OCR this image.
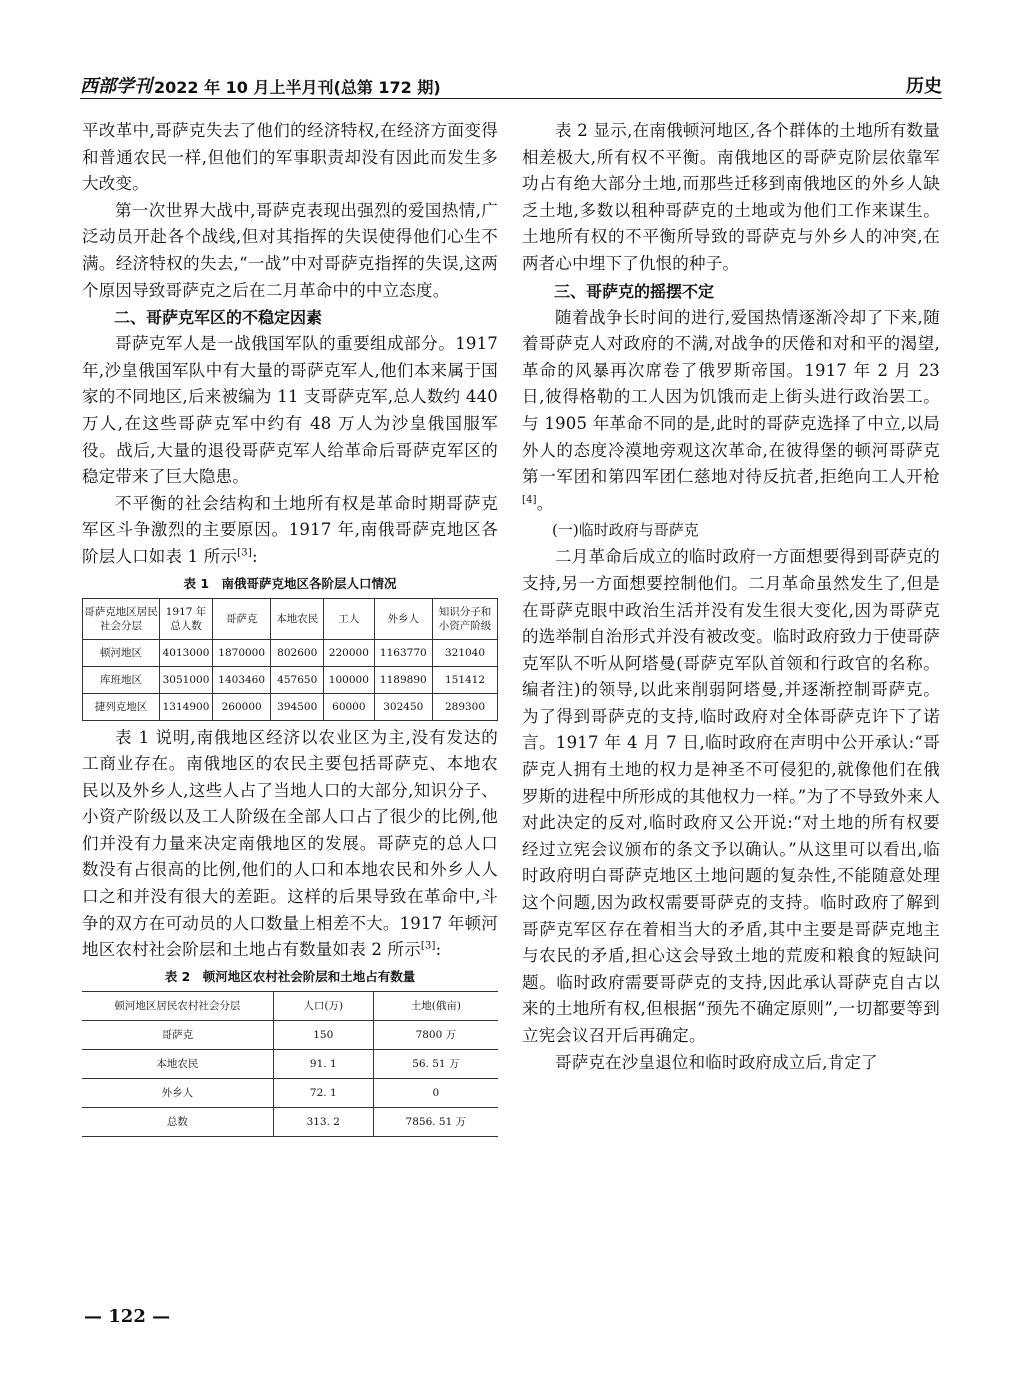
西部学刊 2022 年 10 月上半月刊(总第 172 期)	历史

平改革中,哥萨克失去了他们的经济特权,在经济方面变得和普通农民一样,但他们的军事职责却没有因此而发生多大改变。

第一次世界大战中,哥萨克表现出强烈的爱国热情,广泛动员开赴各个战线,但对其指挥的失误使得他们心生不满。经济特权的失去,“一战”中对哥萨克指挥的失误,这两个原因导致哥萨克之后在二月革命中的中立态度。

二、哥萨克军区的不稳定因素

哥萨克军人是一战俄国军队的重要组成部分。1917 年,沙皇俄国军队中有大量的哥萨克军人,他们本来属于国家的不同地区,后来被编为 11 支哥萨克军,总人数约 440 万人,在这些哥萨克军中约有 48 万人为沙皇俄国服军役。战后,大量的退役哥萨克军人给革命后哥萨克军区的稳定带来了巨大隐患。

不平衡的社会结构和土地所有权是革命时期哥萨克军区斗争激烈的主要原因。1917 年,南俄哥萨克地区各阶层人口如表 1 所示[3]:

表 1　南俄哥萨克地区各阶层人口情况
哥萨克地区居民社会分层	1917 年总人数	哥萨克	本地农民	工人	外乡人	知识分子和小资产阶级
顿河地区	4013000	1870000	802600	220000	1163770	321040
库班地区	3051000	1403460	457650	100000	1189890	151412
捷列克地区	1314900	260000	394500	60000	302450	289300

表 1 说明,南俄地区经济以农业区为主,没有发达的工商业存在。南俄地区的农民主要包括哥萨克、本地农民以及外乡人,这些人占了当地人口的大部分,知识分子、小资产阶级以及工人阶级在全部人口占了很少的比例,他们并没有力量来决定南俄地区的发展。哥萨克的总人口数没有占很高的比例,他们的人口和本地农民和外乡人人口之和并没有很大的差距。这样的后果导致在革命中,斗争的双方在可动员的人口数量上相差不大。1917 年顿河地区农村社会阶层和土地占有数量如表 2 所示[3]:

表 2　顿河地区农村社会阶层和土地占有数量
顿河地区居民农村社会分层	人口(万)	土地(俄亩)
哥萨克	150	7800 万
本地农民	91. 1	56. 51 万
外乡人	72. 1	0
总数	313. 2	7856. 51 万

表 2 显示,在南俄顿河地区,各个群体的土地所有数量相差极大,所有权不平衡。南俄地区的哥萨克阶层依靠军功占有绝大部分土地,而那些迁移到南俄地区的外乡人缺乏土地,多数以租种哥萨克的土地或为他们工作来谋生。土地所有权的不平衡所导致的哥萨克与外乡人的冲突,在两者心中埋下了仇恨的种子。

三、哥萨克的摇摆不定

随着战争长时间的进行,爱国热情逐渐冷却了下来,随着哥萨克人对政府的不满,对战争的厌倦和对和平的渴望,革命的风暴再次席卷了俄罗斯帝国。1917 年 2 月 23 日,彼得格勒的工人因为饥饿而走上街头进行政治罢工。与 1905 年革命不同的是,此时的哥萨克选择了中立,以局外人的态度冷漠地旁观这次革命,在彼得堡的顿河哥萨克第一军团和第四军团仁慈地对待反抗者,拒绝向工人开枪[4]。

(一)临时政府与哥萨克

二月革命后成立的临时政府一方面想要得到哥萨克的支持,另一方面想要控制他们。二月革命虽然发生了,但是在哥萨克眼中政治生活并没有发生很大变化,因为哥萨克的选举制自治形式并没有被改变。临时政府致力于使哥萨克军队不听从阿塔曼(哥萨克军队首领和行政官的名称。编者注)的领导,以此来削弱阿塔曼,并逐渐控制哥萨克。为了得到哥萨克的支持,临时政府对全体哥萨克许下了诺言。1917 年 4 月 7 日,临时政府在声明中公开承认:“哥萨克人拥有土地的权力是神圣不可侵犯的,就像他们在俄罗斯的进程中所形成的其他权力一样。”为了不导致外来人对此决定的反对,临时政府又公开说:“对土地的所有权要经过立宪会议颁布的条文予以确认。”从这里可以看出,临时政府明白哥萨克地区土地问题的复杂性,不能随意处理这个问题,因为政权需要哥萨克的支持。临时政府了解到哥萨克军区存在着相当大的矛盾,其中主要是哥萨克地主与农民的矛盾,担心这会导致土地的荒废和粮食的短缺问题。临时政府需要哥萨克的支持,因此承认哥萨克自古以来的土地所有权,但根据“预先不确定原则”,一切都要等到立宪会议召开后再确定。

哥萨克在沙皇退位和临时政府成立后,肯定了

— 122 —
